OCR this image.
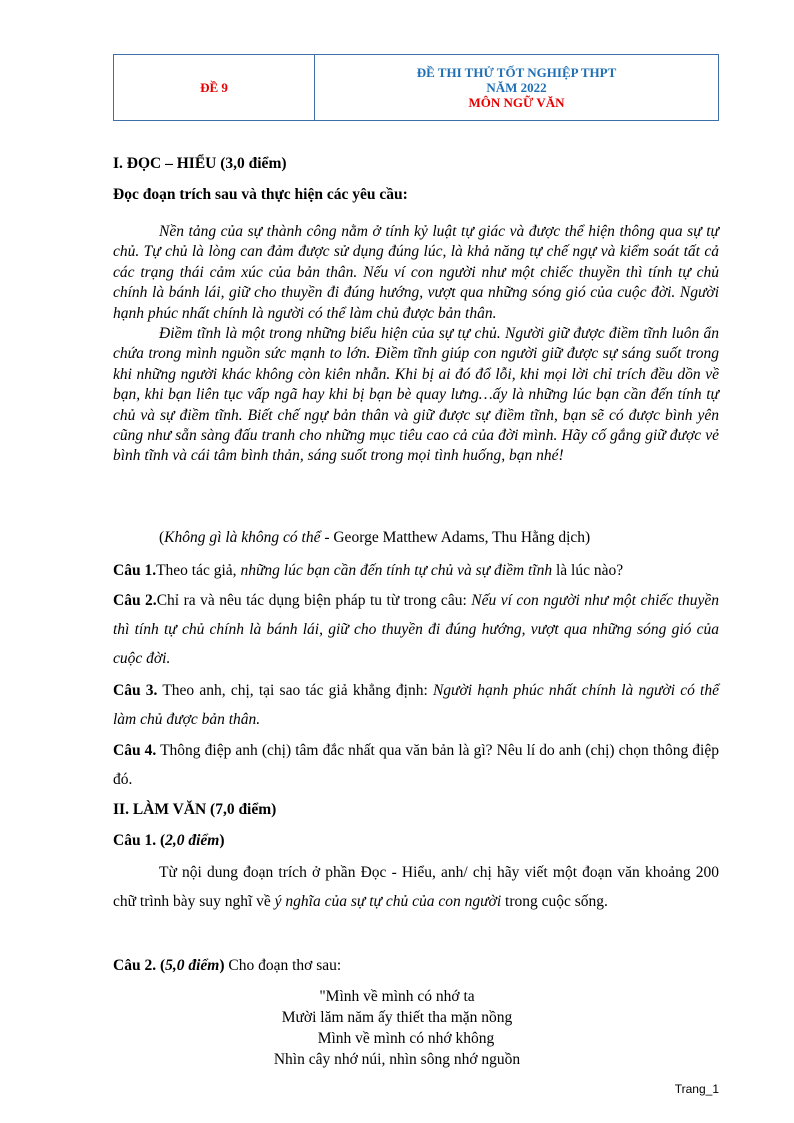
ĐỀ 9
ĐỀ THI THỬ TỐT NGHIỆP THPT
NĂM 2022
MÔN NGỮ VĂN
I. ĐỌC – HIỂU (3,0 điểm)
Đọc đoạn trích sau và thực hiện các yêu cầu:

Nền tảng của sự thành công nằm ở tính kỷ luật tự giác và được thể hiện thông qua sự tự chủ. Tự chủ là lòng can đảm được sử dụng đúng lúc, là khả năng tự chế ngự và kiểm soát tất cả các trạng thái cảm xúc của bản thân. Nếu ví con người như một chiếc thuyền thì tính tự chủ chính là bánh lái, giữ cho thuyền đi đúng hướng, vượt qua những sóng gió của cuộc đời. Người hạnh phúc nhất chính là người có thể làm chủ được bản thân.

Điềm tĩnh là một trong những biểu hiện của sự tự chủ. Người giữ được điềm tĩnh luôn ẩn chứa trong mình nguồn sức mạnh to lớn. Điềm tĩnh giúp con người giữ được sự sáng suốt trong khi những người khác không còn kiên nhẫn. Khi bị ai đó đổ lỗi, khi mọi lời chỉ trích đều dồn về bạn, khi bạn liên tục vấp ngã hay khi bị bạn bè quay lưng…ấy là những lúc bạn cần đến tính tự chủ và sự điềm tĩnh. Biết chế ngự bản thân và giữ được sự điềm tĩnh, bạn sẽ có được bình yên cũng như sẵn sàng đấu tranh cho những mục tiêu cao cả của đời mình. Hãy cố gắng giữ được vẻ bình tĩnh và cái tâm bình thản, sáng suốt trong mọi tình huống, bạn nhé!

(Không gì là không có thể - George Matthew Adams, Thu Hằng dịch)
Câu 1.Theo tác giả, những lúc bạn cần đến tính tự chủ và sự điềm tĩnh là lúc nào?
Câu 2.Chỉ ra và nêu tác dụng biện pháp tu từ trong câu: Nếu ví con người như một chiếc thuyền thì tính tự chủ chính là bánh lái, giữ cho thuyền đi đúng hướng, vượt qua những sóng gió của cuộc đời.
Câu 3. Theo anh, chị, tại sao tác giả khẳng định: Người hạnh phúc nhất chính là người có thể làm chủ được bản thân.
Câu 4. Thông điệp anh (chị) tâm đắc nhất qua văn bản là gì? Nêu lí do anh (chị) chọn thông điệp đó.
II. LÀM VĂN (7,0 điểm)
Câu 1. (2,0 điểm)
Từ nội dung đoạn trích ở phần Đọc - Hiểu, anh/ chị hãy viết một đoạn văn khoảng 200 chữ trình bày suy nghĩ về ý nghĩa của sự tự chủ của con người trong cuộc sống.
Câu 2. (5,0 điểm) Cho đoạn thơ sau:
"Mình về mình có nhớ ta
Mười lăm năm ấy thiết tha mặn nồng
Mình về mình có nhớ không
Nhìn cây nhớ núi, nhìn sông nhớ nguồn
Trang_1
